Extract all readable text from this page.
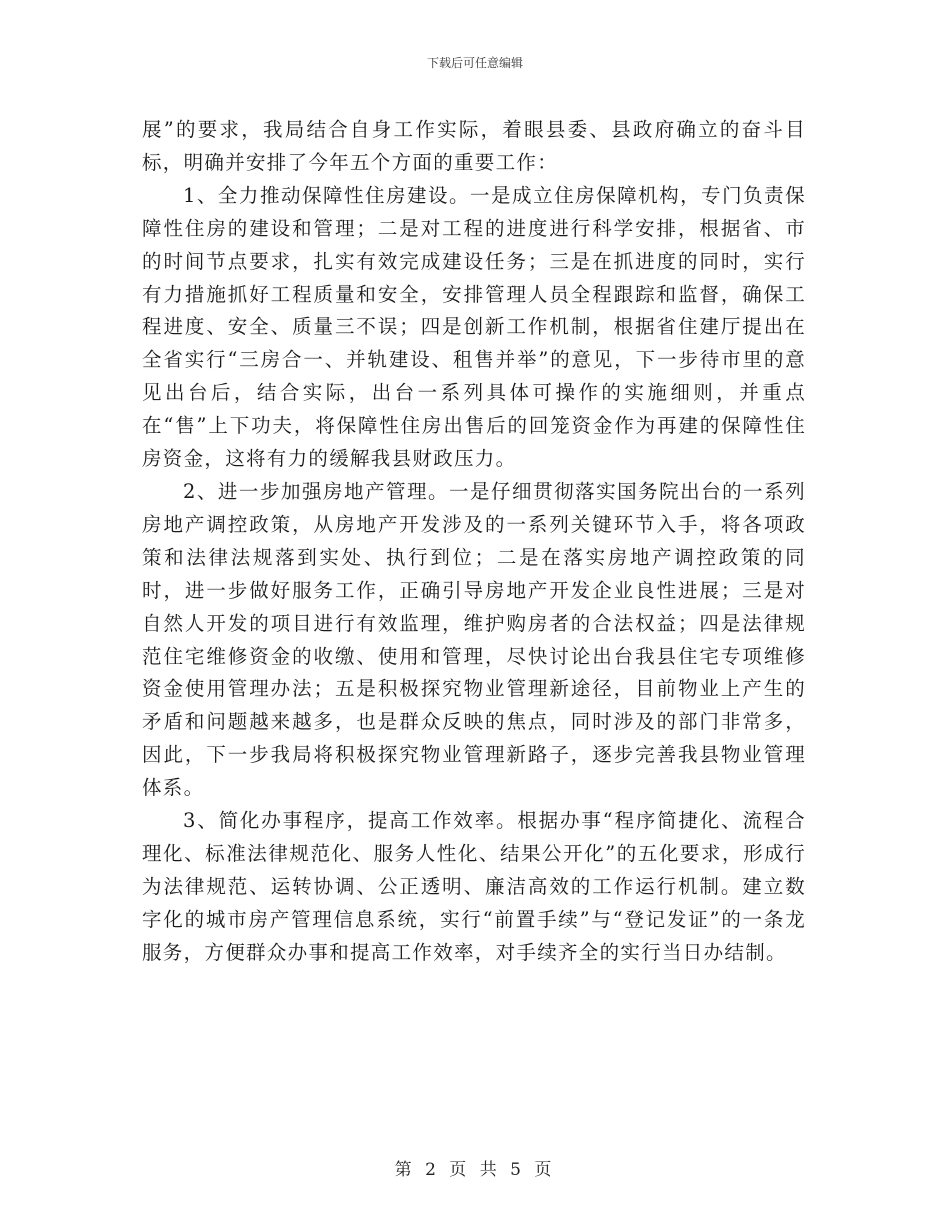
下载后可任意编辑

展”的要求，我局结合自身工作实际，着眼县委、县政府确立的奋斗目标，明确并安排了今年五个方面的重要工作：

1、全力推动保障性住房建设。一是成立住房保障机构，专门负责保障性住房的建设和管理；二是对工程的进度进行科学安排，根据省、市的时间节点要求，扎实有效完成建设任务；三是在抓进度的同时，实行有力措施抓好工程质量和安全，安排管理人员全程跟踪和监督，确保工程进度、安全、质量三不误；四是创新工作机制，根据省住建厅提出在全省实行“三房合一、并轨建设、租售并举”的意见，下一步待市里的意见出台后，结合实际，出台一系列具体可操作的实施细则，并重点在“售”上下功夫，将保障性住房出售后的回笼资金作为再建的保障性住房资金，这将有力的缓解我县财政压力。

2、进一步加强房地产管理。一是仔细贯彻落实国务院出台的一系列房地产调控政策，从房地产开发涉及的一系列关键环节入手，将各项政策和法律法规落到实处、执行到位；二是在落实房地产调控政策的同时，进一步做好服务工作，正确引导房地产开发企业良性进展；三是对自然人开发的项目进行有效监理，维护购房者的合法权益；四是法律规范住宅维修资金的收缴、使用和管理，尽快讨论出台我县住宅专项维修资金使用管理办法；五是积极探究物业管理新途径，目前物业上产生的矛盾和问题越来越多，也是群众反映的焦点，同时涉及的部门非常多，因此，下一步我局将积极探究物业管理新路子，逐步完善我县物业管理体系。

3、简化办事程序，提高工作效率。根据办事“程序简捷化、流程合理化、标准法律规范化、服务人性化、结果公开化”的五化要求，形成行为法律规范、运转协调、公正透明、廉洁高效的工作运行机制。建立数字化的城市房产管理信息系统，实行“前置手续”与“登记发证”的一条龙服务，方便群众办事和提高工作效率，对手续齐全的实行当日办结制。

第 2 页 共 5 页
